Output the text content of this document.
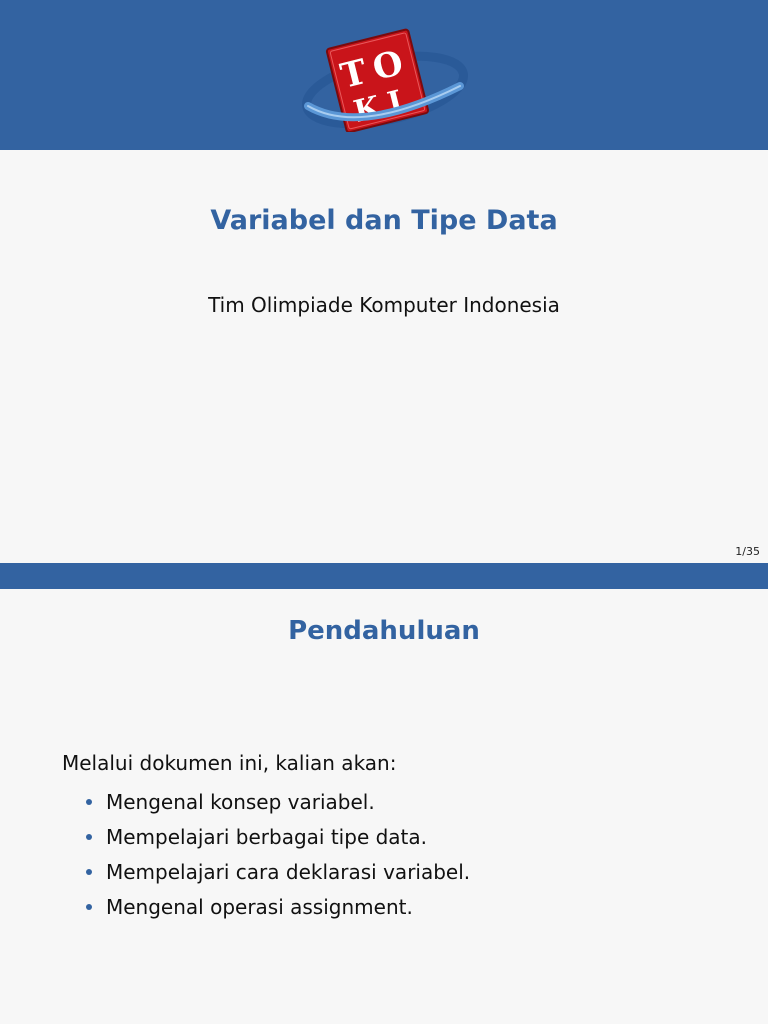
T
O
K I
Variabel dan Tipe Data
Tim Olimpiade Komputer Indonesia
1/35
Pendahuluan
Melalui dokumen ini, kalian akan:
Mengenal konsep variabel.
Mempelajari berbagai tipe data.
Mempelajari cara deklarasi variabel.
Mengenal operasi assignment.
